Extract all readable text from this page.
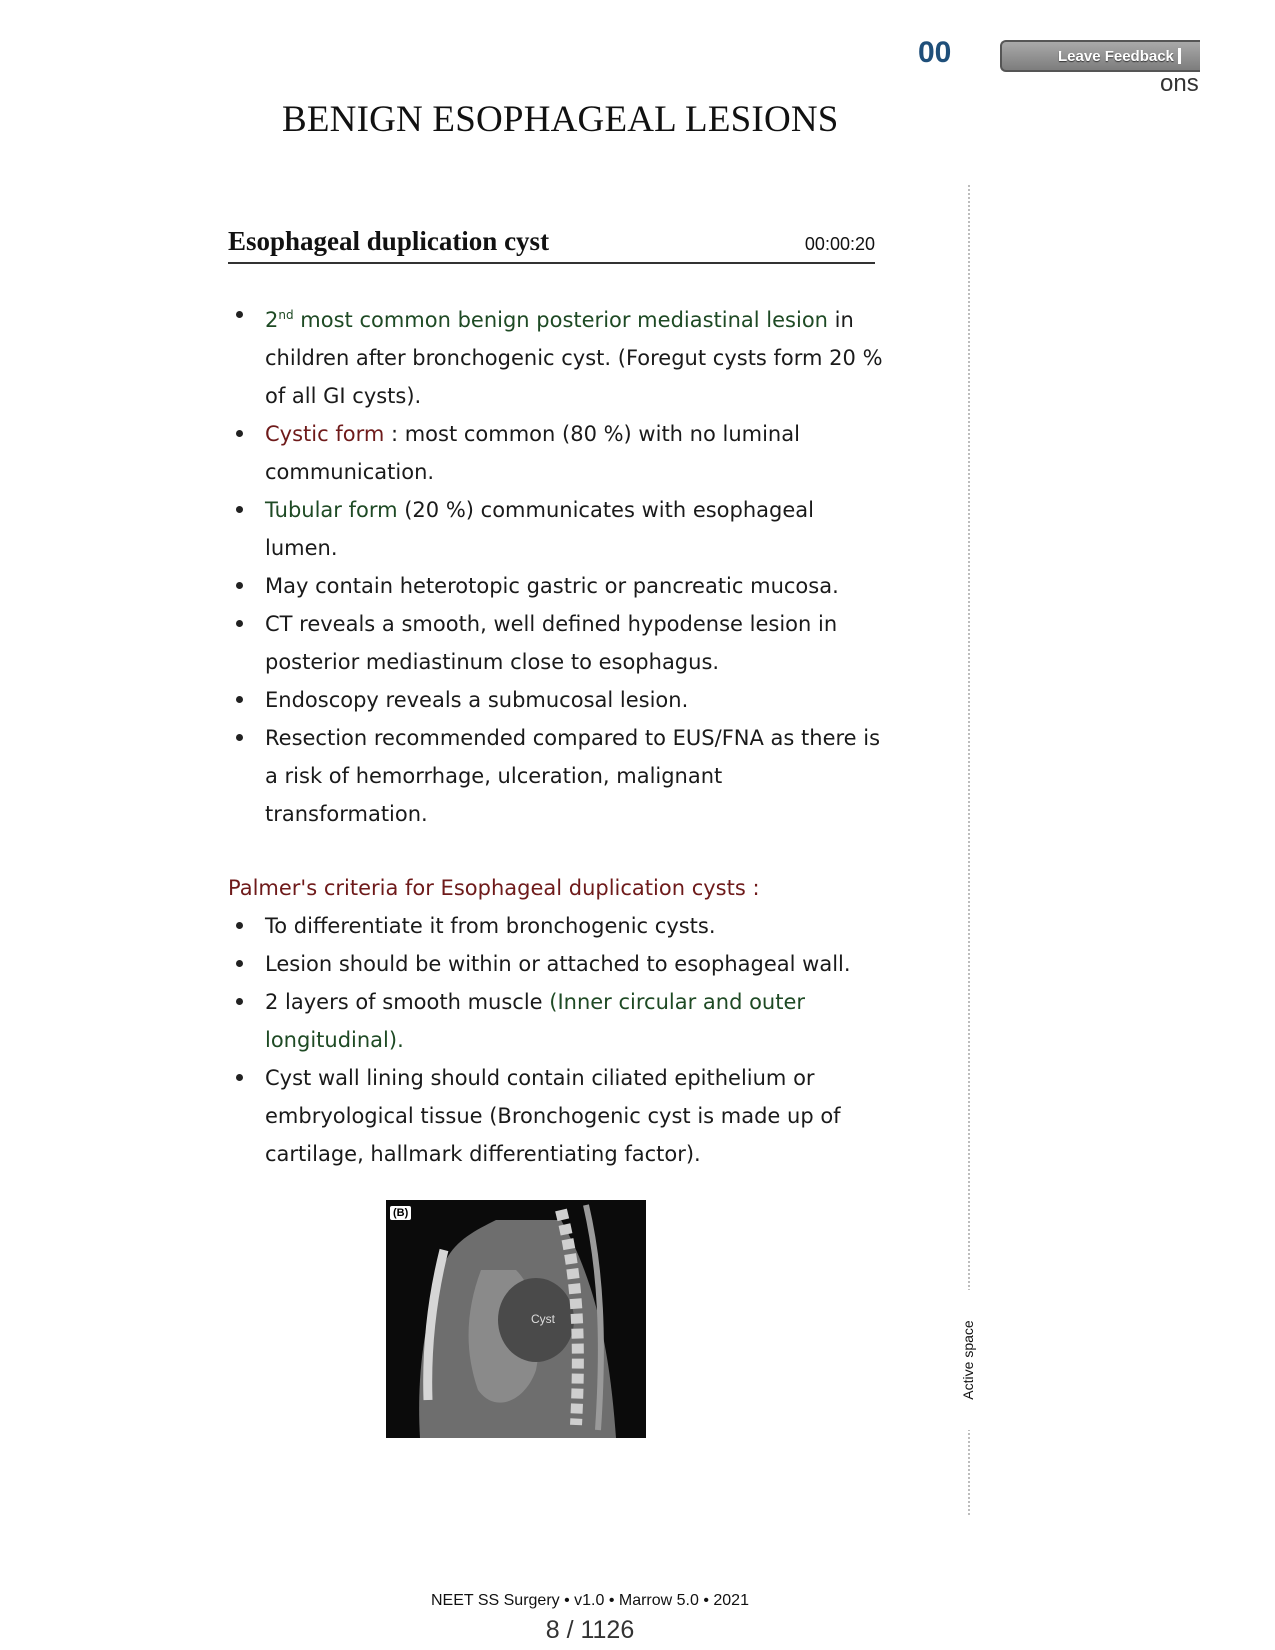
00	Leave Feedback
ons
BENIGN ESOPHAGEAL LESIONS
Esophageal duplication cyst	00:00:20
2nd most common benign posterior mediastinal lesion in children after bronchogenic cyst. (Foregut cysts form 20 % of all GI cysts).
Cystic form : most common (80 %) with no luminal communication.
Tubular form (20 %) communicates with esophageal lumen.
May contain heterotopic gastric or pancreatic mucosa.
CT reveals a smooth, well defined hypodense lesion in posterior mediastinum close to esophagus.
Endoscopy reveals a submucosal lesion.
Resection recommended compared to EUS/FNA as there is a risk of hemorrhage, ulceration, malignant transformation.
Palmer's criteria for Esophageal duplication cysts :
To differentiate it from bronchogenic cysts.
Lesion should be within or attached to esophageal wall.
2 layers of smooth muscle (Inner circular and outer longitudinal).
Cyst wall lining should contain ciliated epithelium or embryological tissue (Bronchogenic cyst is made up of cartilage, hallmark differentiating factor).
(B)
Cyst
Active space
NEET SS Surgery • v1.0 • Marrow 5.0 • 2021
8 / 1126
